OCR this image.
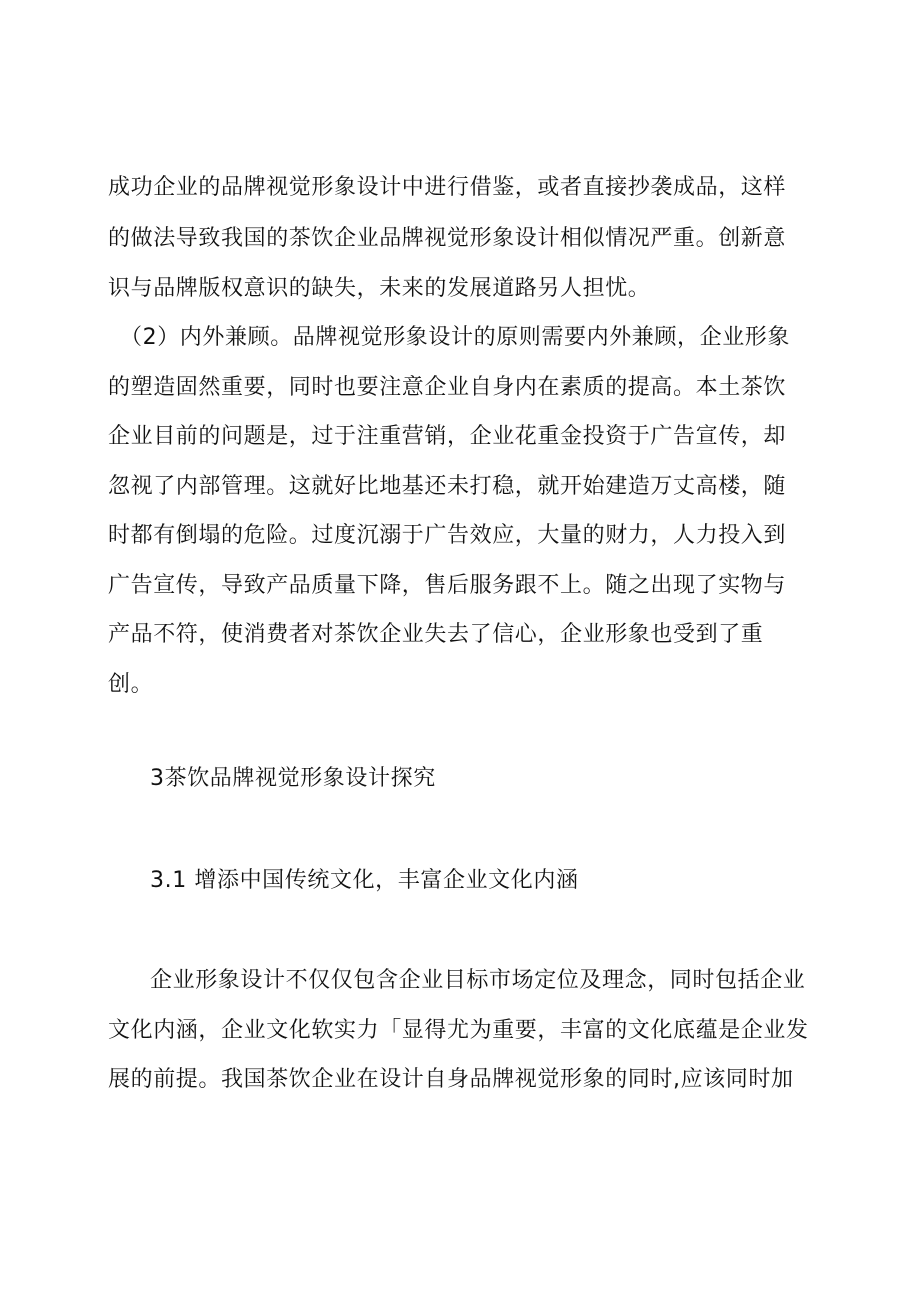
成功企业的品牌视觉形象设计中进行借鉴，或者直接抄袭成品，这样
的做法导致我国的茶饮企业品牌视觉形象设计相似情况严重。创新意
识与品牌版权意识的缺失，未来的发展道路另人担忧。
（2）内外兼顾。品牌视觉形象设计的原则需要内外兼顾，企业形象
的塑造固然重要，同时也要注意企业自身内在素质的提高。本土茶饮
企业目前的问题是，过于注重营销，企业花重金投资于广告宣传，却
忽视了内部管理。这就好比地基还未打稳，就开始建造万丈高楼，随
时都有倒塌的危险。过度沉溺于广告效应，大量的财力，人力投入到
广告宣传，导致产品质量下降，售后服务跟不上。随之出现了实物与
产品不符，使消费者对茶饮企业失去了信心，企业形象也受到了重
创。
3茶饮品牌视觉形象设计探究
3.1 增添中国传统文化，丰富企业文化内涵
企业形象设计不仅仅包含企业目标市场定位及理念，同时包括企业
文化内涵，企业文化软实力「显得尤为重要，丰富的文化底蕴是企业发
展的前提。我国茶饮企业在设计自身品牌视觉形象的同时,应该同时加
